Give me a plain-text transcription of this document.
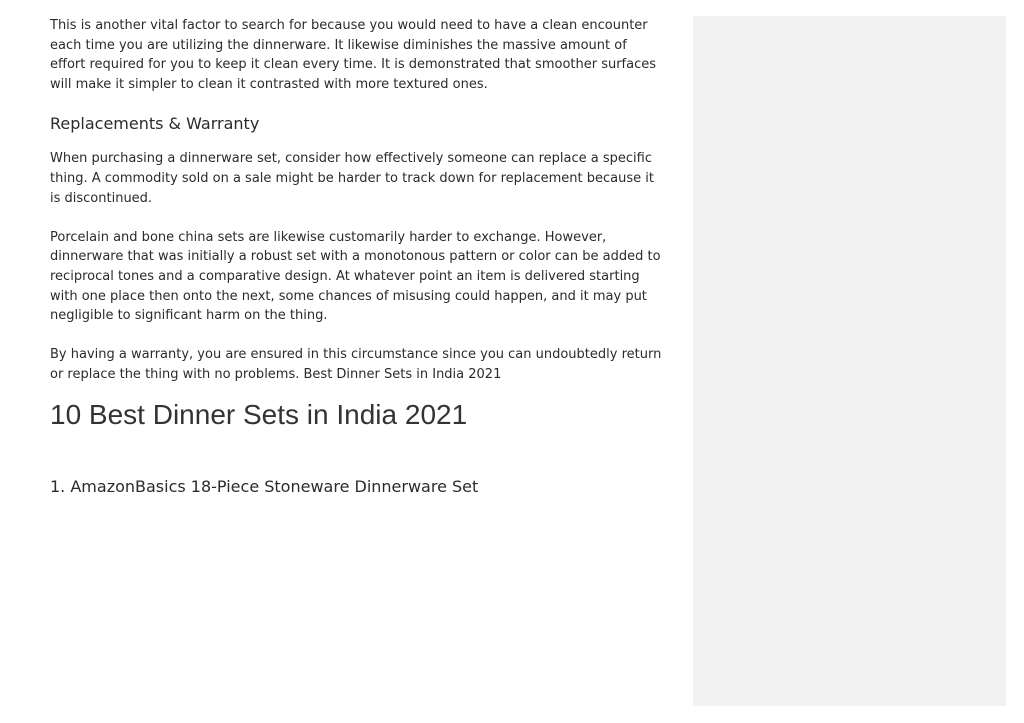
This is another vital factor to search for because you would need to have a clean encounter each time you are utilizing the dinnerware. It likewise diminishes the massive amount of effort required for you to keep it clean every time. It is demonstrated that smoother surfaces will make it simpler to clean it contrasted with more textured ones.

Replacements & Warranty

When purchasing a dinnerware set, consider how effectively someone can replace a specific thing. A commodity sold on a sale might be harder to track down for replacement because it is discontinued.

Porcelain and bone china sets are likewise customarily harder to exchange. However, dinnerware that was initially a robust set with a monotonous pattern or color can be added to reciprocal tones and a comparative design. At whatever point an item is delivered starting with one place then onto the next, some chances of misusing could happen, and it may put negligible to significant harm on the thing.

By having a warranty, you are ensured in this circumstance since you can undoubtedly return or replace the thing with no problems. Best Dinner Sets in India 2021

10 Best Dinner Sets in India 2021
1. AmazonBasics 18-Piece Stoneware Dinnerware Set
